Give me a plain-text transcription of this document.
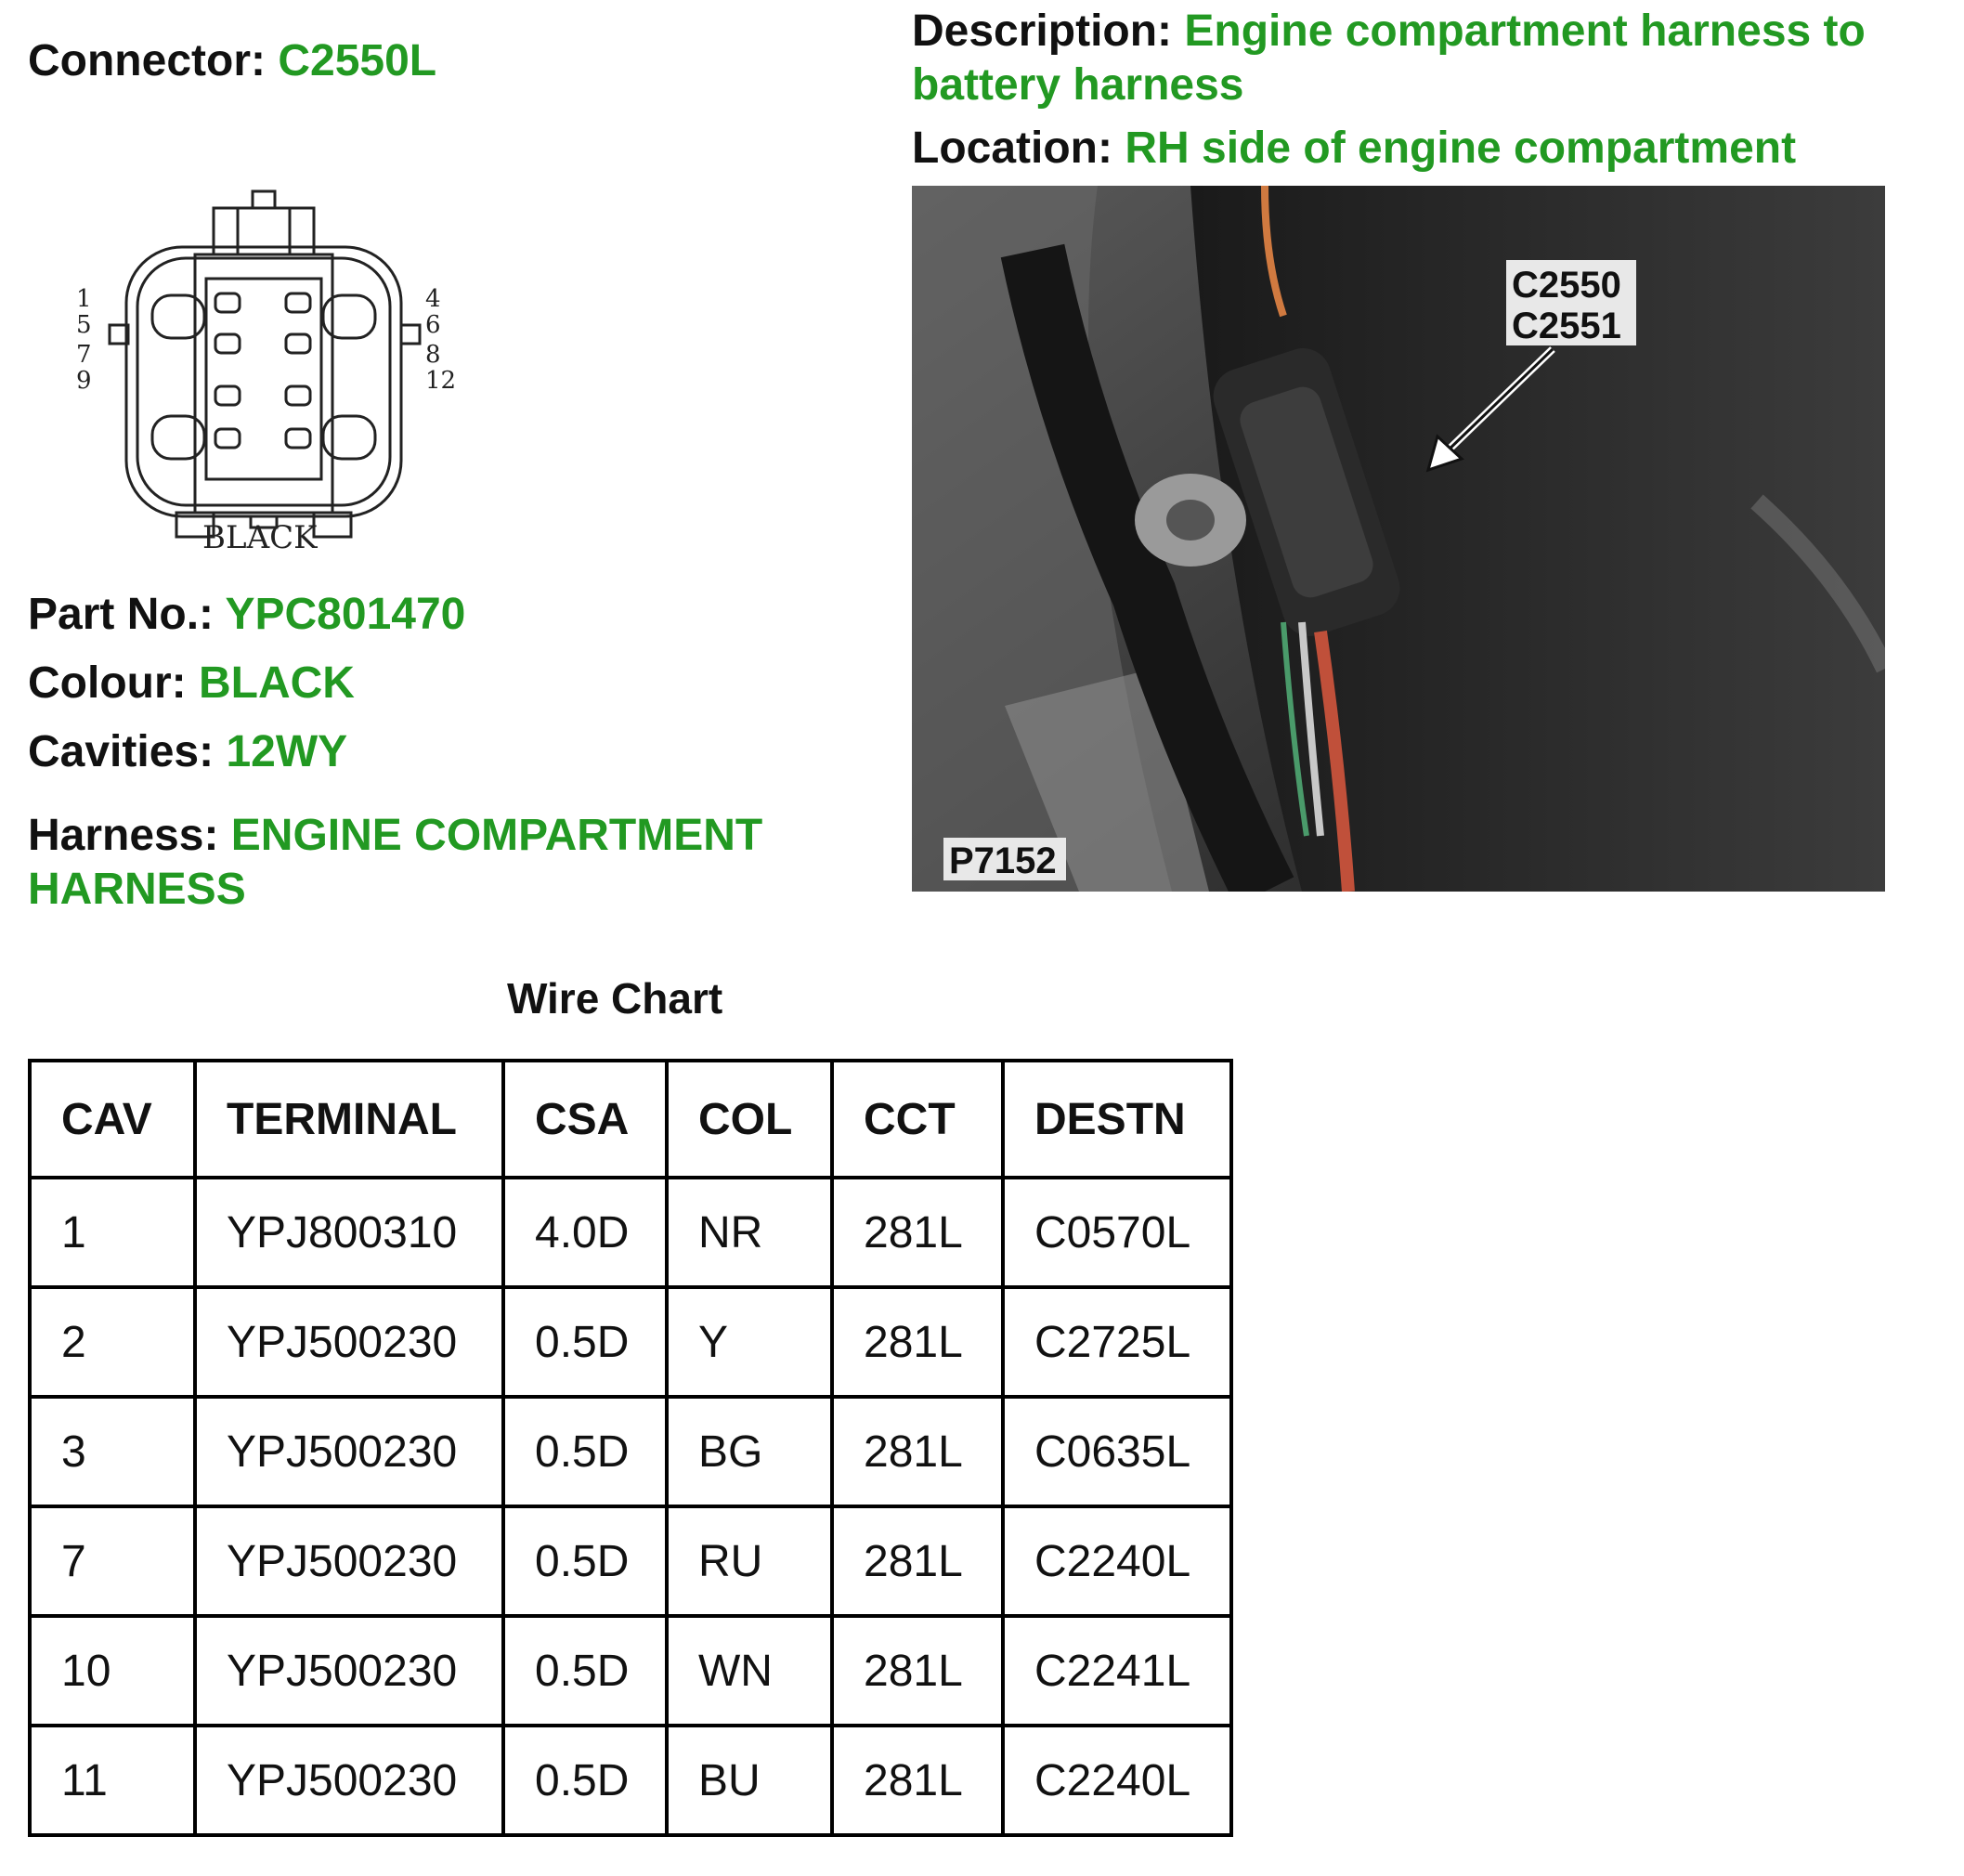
Connector: C2550L
Description: Engine compartment harness to
battery harness
Location: RH side of engine compartment
1
5
7
9
4
6
8
12
BLACK
C2550
C2551
P7152
Part No.: YPC801470
Colour: BLACK
Cavities: 12WY
Harness: ENGINE COMPARTMENT
HARNESS
Wire Chart
CAV	TERMINAL	CSA	COL	CCT	DESTN
1	YPJ800310	4.0D	NR	281L	C0570L
2	YPJ500230	0.5D	Y	281L	C2725L
3	YPJ500230	0.5D	BG	281L	C0635L
7	YPJ500230	0.5D	RU	281L	C2240L
10	YPJ500230	0.5D	WN	281L	C2241L
11	YPJ500230	0.5D	BU	281L	C2240L
